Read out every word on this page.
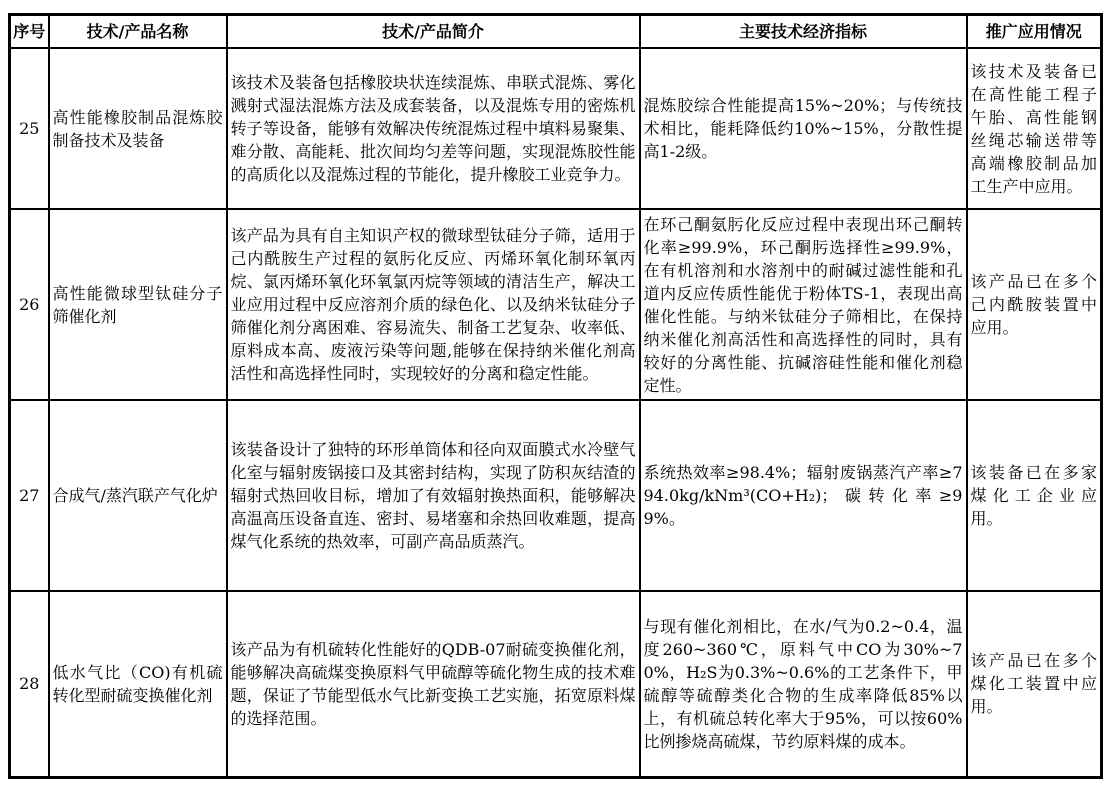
序号	技术/产品名称	技术/产品简介	主要技术经济指标	推广应用情况
25	高性能橡胶制品混炼胶制备技术及装备	该技术及装备包括橡胶块状连续混炼、串联式混炼、雾化溅射式湿法混炼方法及成套装备，以及混炼专用的密炼机转子等设备，能够有效解决传统混炼过程中填料易聚集、难分散、高能耗、批次间均匀差等问题，实现混炼胶性能的高质化以及混炼过程的节能化，提升橡胶工业竞争力。	混炼胶综合性能提高15%~20%；与传统技术相比，能耗降低约10%~15%，分散性提高1-2级。	该技术及装备已在高性能工程子午胎、高性能钢丝绳芯输送带等高端橡胶制品加工生产中应用。
26	高性能微球型钛硅分子筛催化剂	该产品为具有自主知识产权的微球型钛硅分子筛，适用于己内酰胺生产过程的氨肟化反应、丙烯环氧化制环氧丙烷、氯丙烯环氧化环氧氯丙烷等领域的清洁生产，解决工业应用过程中反应溶剂介质的绿色化、以及纳米钛硅分子筛催化剂分离困难、容易流失、制备工艺复杂、收率低、原料成本高、废液污染等问题,能够在保持纳米催化剂高活性和高选择性同时，实现较好的分离和稳定性能。	在环己酮氨肟化反应过程中表现出环己酮转化率≥99.9%，环己酮肟选择性≥99.9%，在有机溶剂和水溶剂中的耐碱过滤性能和孔道内反应传质性能优于粉体TS-1，表现出高催化性能。与纳米钛硅分子筛相比，在保持纳米催化剂高活性和高选择性的同时，具有较好的分离性能、抗碱溶硅性能和催化剂稳定性。	该产品已在多个己内酰胺装置中应用。
27	合成气/蒸汽联产气化炉	该装备设计了独特的环形单筒体和径向双面膜式水冷壁气化室与辐射废锅接口及其密封结构，实现了防积灰结渣的辐射式热回收目标，增加了有效辐射换热面积，能够解决高温高压设备直连、密封、易堵塞和余热回收难题，提高煤气化系统的热效率，可副产高品质蒸汽。	系统热效率≥98.4%；辐射废锅蒸汽产率≥794.0kg/kNm³(CO+H₂)；碳转化率≥99%。	该装备已在多家煤化工企业应用。
28	低水气比（CO)有机硫转化型耐硫变换催化剂	该产品为有机硫转化性能好的QDB-07耐硫变换催化剂，能够解决高硫煤变换原料气甲硫醇等硫化物生成的技术难题，保证了节能型低水气比新变换工艺实施，拓宽原料煤的选择范围。	与现有催化剂相比，在水/气为0.2~0.4，温度260~360℃，原料气中CO为30%~70%，H₂S为0.3%~0.6%的工艺条件下，甲硫醇等硫醇类化合物的生成率降低85%以上，有机硫总转化率大于95%，可以按60%比例掺烧高硫煤，节约原料煤的成本。	该产品已在多个煤化工装置中应用。
